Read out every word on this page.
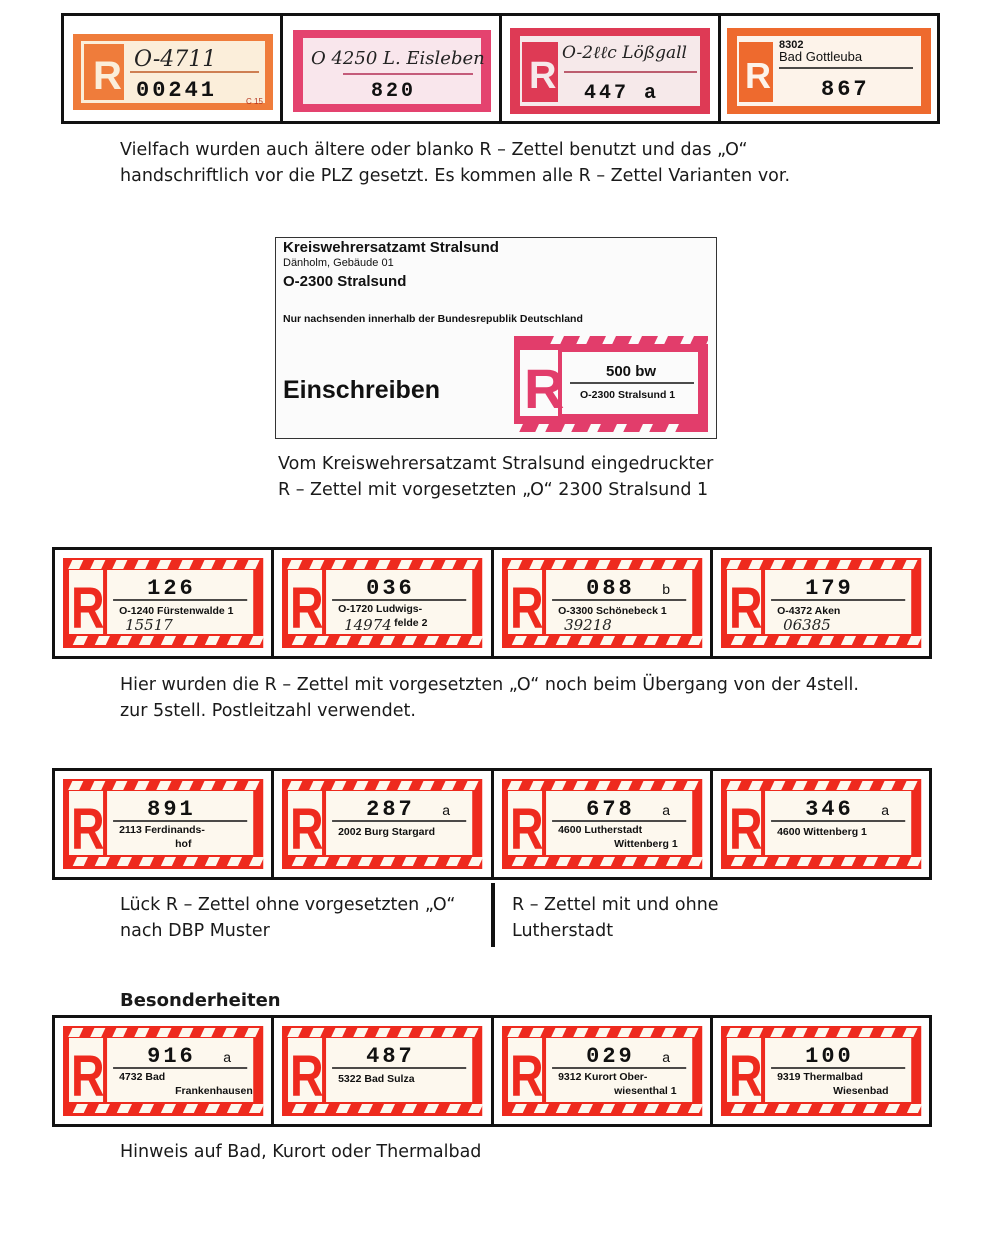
R O-4711
00241	C 15
O 4250 L. Eisleben
820	R
O-2ℓℓc Lößgall
447 a R
8302
Bad Gottleuba
867
Vielfach wurden auch ältere oder blanko R – Zettel benutzt und das „O“
handschriftlich vor die PLZ gesetzt. Es kommen alle R – Zettel Varianten vor.
Kreiswehrersatzamt Stralsund
Dänholm, Gebäude 01
O-2300 Stralsund
Nur nachsenden innerhalb der Bundesrepublik Deutschland
Einschreiben R	500 bw
O-2300 Stralsund 1
Vom Kreiswehrersatzamt Stralsund eingedruckter
R – Zettel mit vorgesetzten „O“ 2300 Stralsund 1
R 126
O-1240 Fürstenwalde 1
15517 R 036
O-1720 Ludwigs-
felde 2
14974 R 088 b
O-3300 Schönebeck 1
39218 R 179
O-4372 Aken
06385
Hier wurden die R – Zettel mit vorgesetzten „O“ noch beim Übergang von der 4stell.
zur 5stell. Postleitzahl verwendet.
R 891
2113 Ferdinands-
hof R 287 a
2002 Burg Stargard R 678 a
4600 Lutherstadt
Wittenberg 1 R 346 a
4600 Wittenberg 1
Lück R – Zettel ohne vorgesetzten „O“
nach DBP Muster
R – Zettel mit und ohne
Lutherstadt
Besonderheiten
R 916 a
4732 Bad
Frankenhausen R 487
5322 Bad Sulza R 029 a
9312 Kurort Ober-
wiesenthal 1 R 100
9319 Thermalbad
Wiesenbad
Hinweis auf Bad, Kurort oder Thermalbad
